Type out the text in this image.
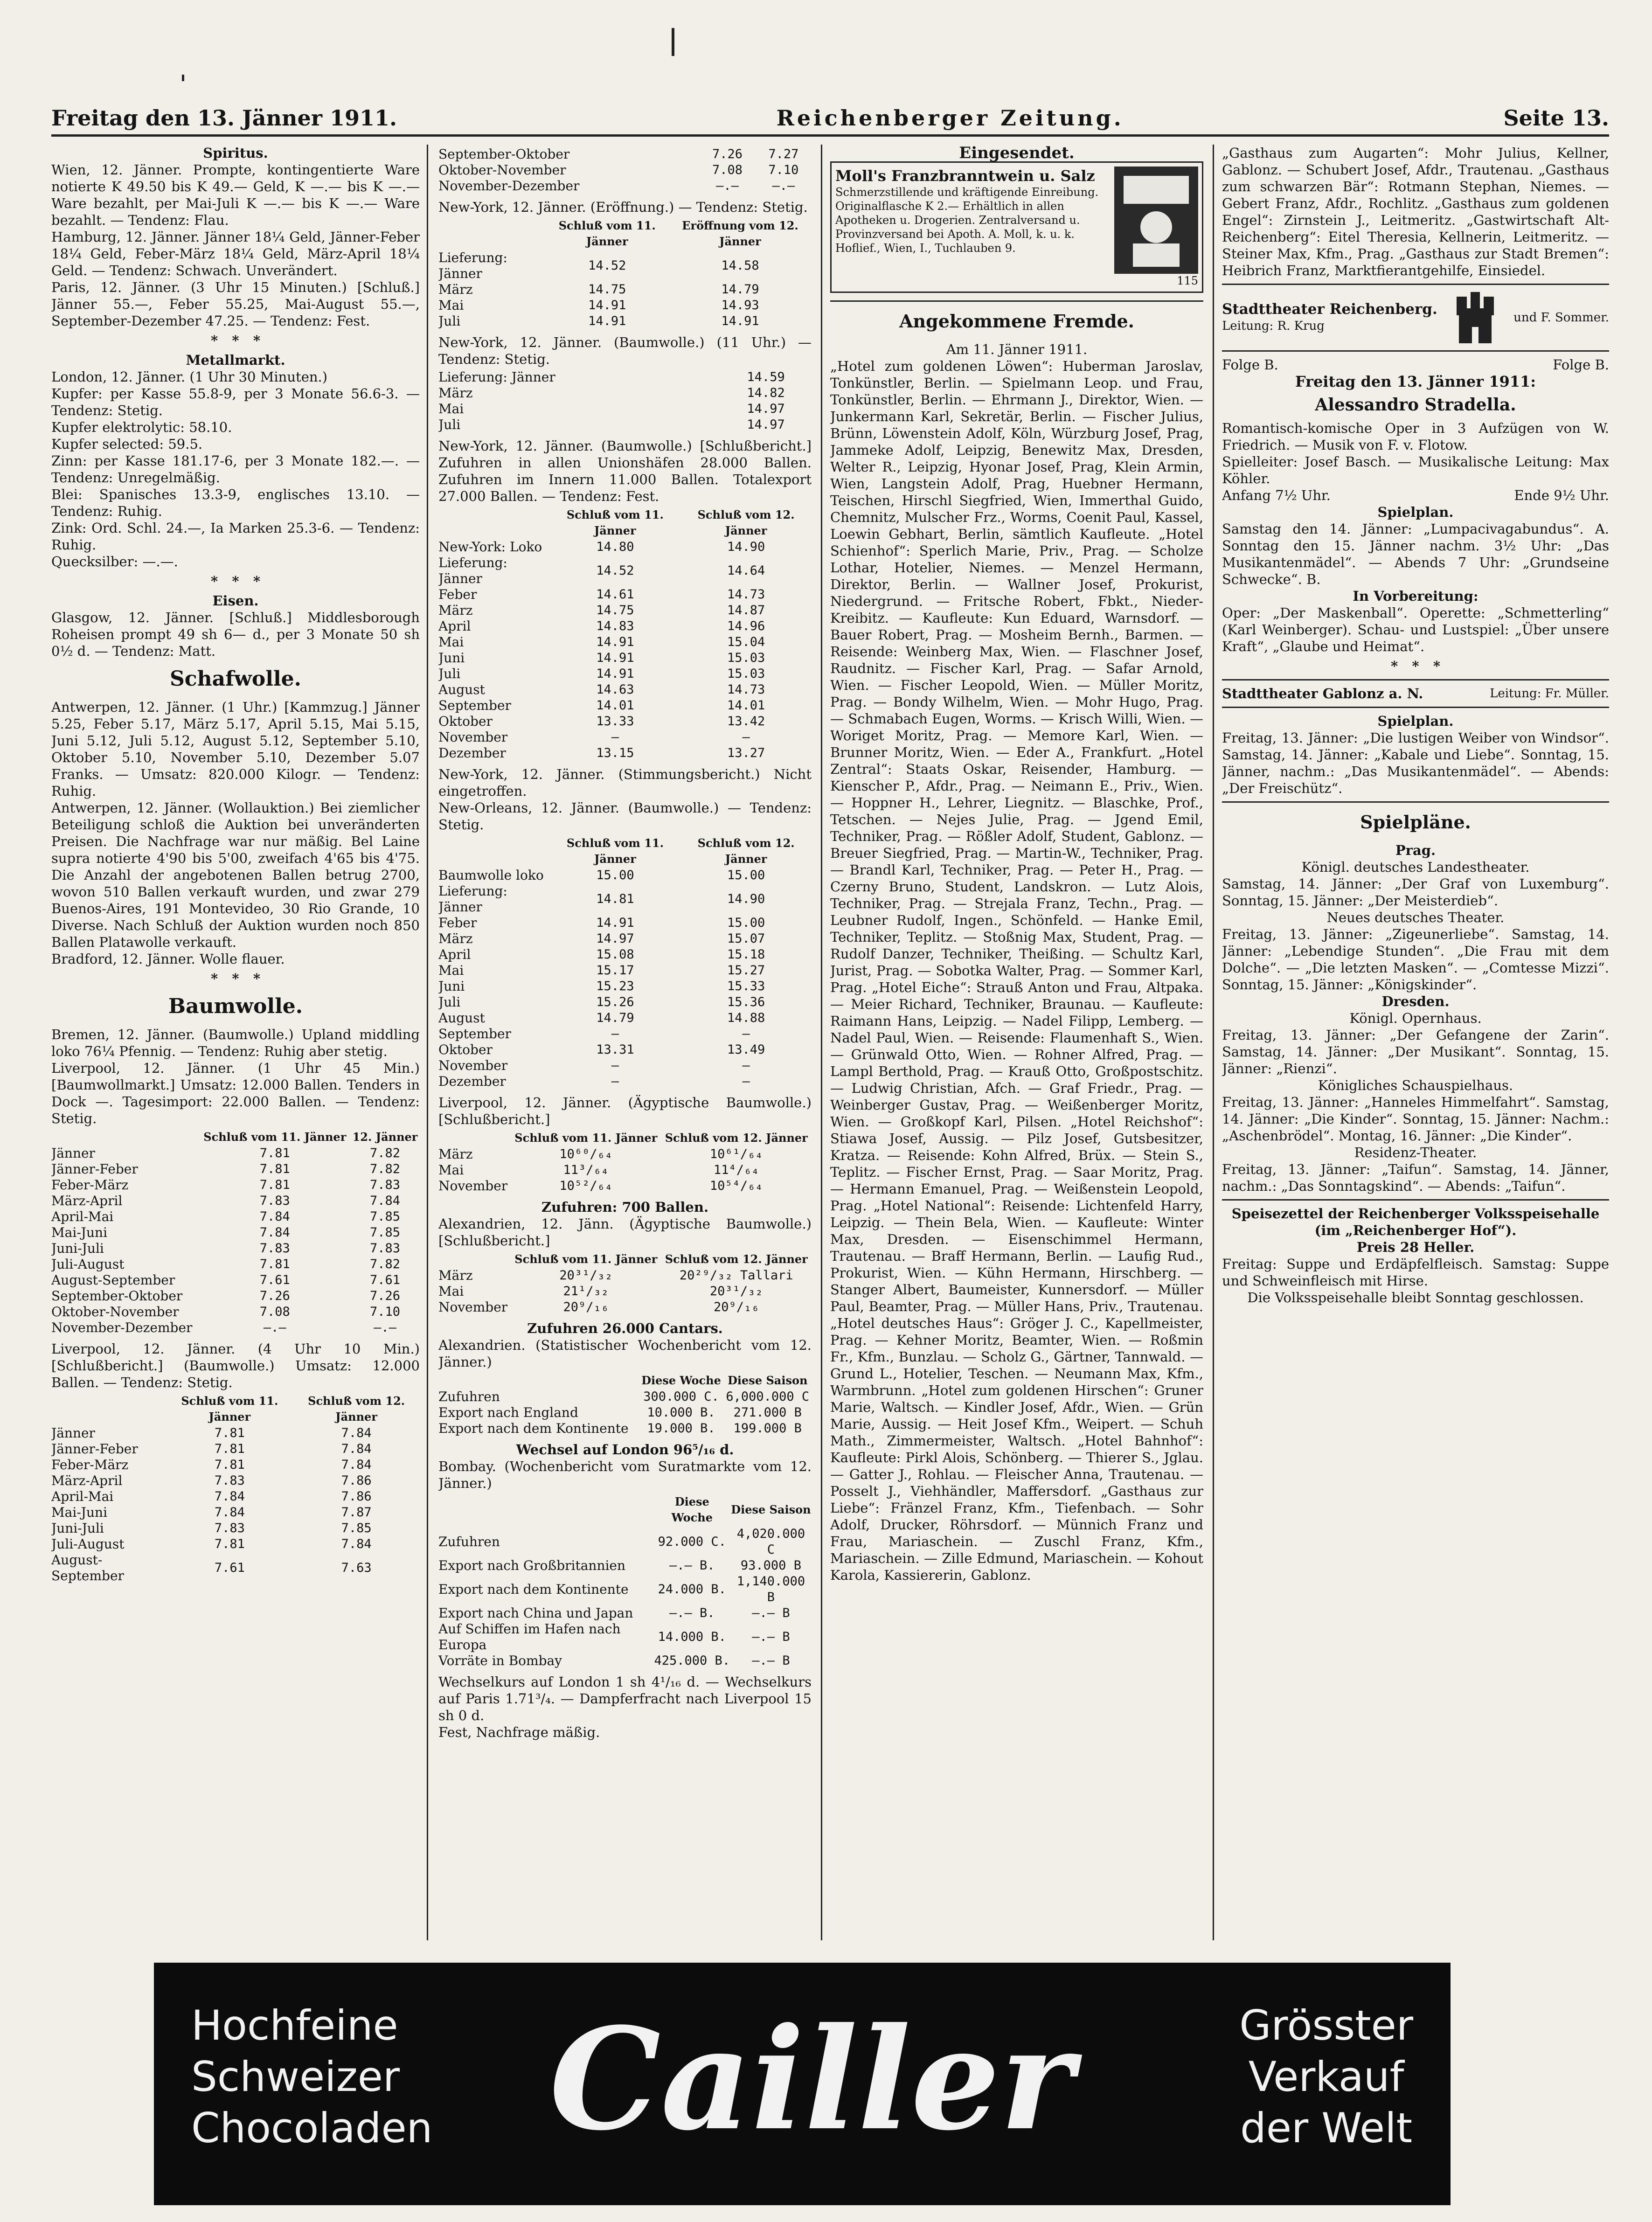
Freitag den 13. Jänner 1911.	Reichenberger Zeitung.	Seite 13.
Spiritus.

Wien, 12. Jänner. Prompte, kontingentierte Ware notierte K 49.50 bis K 49.— Geld, K —.— bis K —.— Ware bezahlt, per Mai-Juli K —.— bis K —.— Ware bezahlt. — Tendenz: Flau.

Hamburg, 12. Jänner. Jänner 18¼ Geld, Jänner-Feber 18¼ Geld, Feber-März 18¼ Geld, März-April 18¼ Geld. — Tendenz: Schwach. Unverändert.

Paris, 12. Jänner. (3 Uhr 15 Minuten.) [Schluß.] Jänner 55.—, Feber 55.25, Mai-August 55.—, September-Dezember 47.25. — Tendenz: Fest.

*   *   *
Metallmarkt.

London, 12. Jänner. (1 Uhr 30 Minuten.)

Kupfer: per Kasse 55.8-9, per 3 Monate 56.6-3. — Tendenz: Stetig.

Kupfer elektrolytic: 58.10.

Kupfer selected: 59.5.

Zinn: per Kasse 181.17-6, per 3 Monate 182.—. — Tendenz: Unregelmäßig.

Blei: Spanisches 13.3-9, englisches 13.10. — Tendenz: Ruhig.

Zink: Ord. Schl. 24.—, Ia Marken 25.3-6. — Tendenz: Ruhig.

Quecksilber: —.—.

*   *   *
Eisen.

Glasgow, 12. Jänner. [Schluß.] Middlesborough Roheisen prompt 49 sh 6— d., per 3 Monate 50 sh 0½ d. — Tendenz: Matt.

Schafwolle.

Antwerpen, 12. Jänner. (1 Uhr.) [Kammzug.] Jänner 5.25, Feber 5.17, März 5.17, April 5.15, Mai 5.15, Juni 5.12, Juli 5.12, August 5.12, September 5.10, Oktober 5.10, November 5.10, Dezember 5.07 Franks. — Umsatz: 820.000 Kilogr. — Tendenz: Ruhig.

Antwerpen, 12. Jänner. (Wollauktion.) Bei ziemlicher Beteiligung schloß die Auktion bei unveränderten Preisen. Die Nachfrage war nur mäßig. Bel Laine supra notierte 4'90 bis 5'00, zweifach 4'65 bis 4'75. Die Anzahl der angebotenen Ballen betrug 2700, wovon 510 Ballen verkauft wurden, und zwar 279 Buenos-Aires, 191 Montevideo, 30 Rio Grande, 10 Diverse. Nach Schluß der Auktion wurden noch 850 Ballen Platawolle verkauft.

Bradford, 12. Jänner. Wolle flauer.

*   *   *
Baumwolle.

Bremen, 12. Jänner. (Baumwolle.) Upland middling loko 76¼ Pfennig. — Tendenz: Ruhig aber stetig.

Liverpool, 12. Jänner. (1 Uhr 45 Min.) [Baumwollmarkt.] Umsatz: 12.000 Ballen. Tenders in Dock —. Tagesimport: 22.000 Ballen. — Tendenz: Stetig.

	Schluß vom 11. Jänner	12. Jänner
Jänner	7.81	7.82
Jänner-Feber	7.81	7.82
Feber-März	7.81	7.83
März-April	7.83	7.84
April-Mai	7.84	7.85
Mai-Juni	7.84	7.85
Juni-Juli	7.83	7.83
Juli-August	7.81	7.82
August-September	7.61	7.61
September-Oktober	7.26	7.26
Oktober-November	7.08	7.10
November-Dezember	—.—	—.—

Liverpool, 12. Jänner. (4 Uhr 10 Min.) [Schlußbericht.] (Baumwolle.) Umsatz: 12.000 Ballen. — Tendenz: Stetig.

	Schluß vom 11. Jänner	Schluß vom 12. Jänner
Jänner	7.81	7.84
Jänner-Feber	7.81	7.84
Feber-März	7.81	7.84
März-April	7.83	7.86
April-Mai	7.84	7.86
Mai-Juni	7.84	7.87
Juni-Juli	7.83	7.85
Juli-August	7.81	7.84
August-September	7.61	7.63
September-Oktober	7.26	7.27
Oktober-November	7.08	7.10
November-Dezember	—.—	—.—

New-York, 12. Jänner. (Eröffnung.) — Tendenz: Stetig.

	Schluß vom 11. Jänner	Eröffnung vom 12. Jänner
Lieferung: Jänner	14.52	14.58
März	14.75	14.79
Mai	14.91	14.93
Juli	14.91	14.91

New-York, 12. Jänner. (Baumwolle.) (11 Uhr.) — Tendenz: Stetig.

Lieferung: Jänner		14.59
März		14.82
Mai		14.97
Juli		14.97

New-York, 12. Jänner. (Baumwolle.) [Schlußbericht.] Zufuhren in allen Unionshäfen 28.000 Ballen. Zufuhren im Innern 11.000 Ballen. Totalexport 27.000 Ballen. — Tendenz: Fest.

	Schluß vom 11. Jänner	Schluß vom 12. Jänner
New-York: Loko	14.80	14.90
Lieferung: Jänner	14.52	14.64
Feber	14.61	14.73
März	14.75	14.87
April	14.83	14.96
Mai	14.91	15.04
Juni	14.91	15.03
Juli	14.91	15.03
August	14.63	14.73
September	14.01	14.01
Oktober	13.33	13.42
November	—	—
Dezember	13.15	13.27

New-York, 12. Jänner. (Stimmungsbericht.) Nicht eingetroffen.

New-Orleans, 12. Jänner. (Baumwolle.) — Tendenz: Stetig.

	Schluß vom 11. Jänner	Schluß vom 12. Jänner
Baumwolle loko	15.00	15.00
Lieferung: Jänner	14.81	14.90
Feber	14.91	15.00
März	14.97	15.07
April	15.08	15.18
Mai	15.17	15.27
Juni	15.23	15.33
Juli	15.26	15.36
August	14.79	14.88
September	—	—
Oktober	13.31	13.49
November	—	—
Dezember	—	—

Liverpool, 12. Jänner. (Ägyptische Baumwolle.) [Schlußbericht.]

	Schluß vom 11. Jänner	Schluß vom 12. Jänner
März	10⁶⁰/₆₄	10⁶¹/₆₄
Mai	11³/₆₄	11⁴/₆₄
November	10⁵²/₆₄	10⁵⁴/₆₄
Zufuhren: 700 Ballen.

Alexandrien, 12. Jänn. (Ägyptische Baumwolle.) [Schlußbericht.]

	Schluß vom 11. Jänner	Schluß vom 12. Jänner
März	20³¹/₃₂	20²⁹/₃₂ Tallari
Mai	21¹/₃₂	20³¹/₃₂
November	20⁹/₁₆	20⁹/₁₆
Zufuhren 26.000 Cantars.

Alexandrien. (Statistischer Wochenbericht vom 12. Jänner.)

	Diese Woche	Diese Saison
Zufuhren	300.000 C.	6,000.000 C
Export nach England	10.000 B.	271.000 B
Export nach dem Kontinente	19.000 B.	199.000 B
Wechsel auf London 96⁵/₁₆ d.

Bombay. (Wochenbericht vom Suratmarkte vom 12. Jänner.)

	Diese Woche	Diese Saison
Zufuhren	92.000 C.	4,020.000 C
Export nach Großbritannien	—.— B.	93.000 B
Export nach dem Kontinente	24.000 B.	1,140.000 B
Export nach China und Japan	—.— B.	—.— B
Auf Schiffen im Hafen nach Europa	14.000 B.	—.— B
Vorräte in Bombay	425.000 B.	—.— B

Wechselkurs auf London 1 sh 4¹/₁₆ d. — Wechselkurs auf Paris 1.71³/₄. — Dampferfracht nach Liverpool 15 sh 0 d.

Fest, Nachfrage mäßig.

Eingesendet.
Moll's Franzbranntwein u. Salz
Schmerzstillende und kräftigende Einreibung. Originalflasche K 2.— Erhältlich in allen Apotheken u. Drogerien. Zentralversand u. Provinzversand bei Apoth. A. Moll, k. u. k. Hoflief., Wien, I., Tuchlauben 9.
115
Angekommene Fremde.
Am 11. Jänner 1911.

„Hotel zum goldenen Löwen“: Huberman Jaroslav, Tonkünstler, Berlin. — Spielmann Leop. und Frau, Tonkünstler, Berlin. — Ehrmann J., Direktor, Wien. — Junkermann Karl, Sekretär, Berlin. — Fischer Julius, Brünn, Löwenstein Adolf, Köln, Würzburg Josef, Prag, Jammeke Adolf, Leipzig, Benewitz Max, Dresden, Welter R., Leipzig, Hyonar Josef, Prag, Klein Armin, Wien, Langstein Adolf, Prag, Huebner Hermann, Teischen, Hirschl Siegfried, Wien, Immerthal Guido, Chemnitz, Mulscher Frz., Worms, Coenit Paul, Kassel, Loewin Gebhart, Berlin, sämtlich Kaufleute. „Hotel Schienhof“: Sperlich Marie, Priv., Prag. — Scholze Lothar, Hotelier, Niemes. — Menzel Hermann, Direktor, Berlin. — Wallner Josef, Prokurist, Niedergrund. — Fritsche Robert, Fbkt., Nieder-Kreibitz. — Kaufleute: Kun Eduard, Warnsdorf. — Bauer Robert, Prag. — Mosheim Bernh., Barmen. — Reisende: Weinberg Max, Wien. — Flaschner Josef, Raudnitz. — Fischer Karl, Prag. — Safar Arnold, Wien. — Fischer Leopold, Wien. — Müller Moritz, Prag. — Bondy Wilhelm, Wien. — Mohr Hugo, Prag. — Schmabach Eugen, Worms. — Krisch Willi, Wien. — Woriget Moritz, Prag. — Memore Karl, Wien. — Brunner Moritz, Wien. — Eder A., Frankfurt. „Hotel Zentral“: Staats Oskar, Reisender, Hamburg. — Kienscher P., Afdr., Prag. — Neimann E., Priv., Wien. — Hoppner H., Lehrer, Liegnitz. — Blaschke, Prof., Tetschen. — Nejes Julie, Prag. — Jgend Emil, Techniker, Prag. — Rößler Adolf, Student, Gablonz. — Breuer Siegfried, Prag. — Martin-W., Techniker, Prag. — Brandl Karl, Techniker, Prag. — Peter H., Prag. — Czerny Bruno, Student, Landskron. — Lutz Alois, Techniker, Prag. — Strejala Franz, Techn., Prag. — Leubner Rudolf, Ingen., Schönfeld. — Hanke Emil, Techniker, Teplitz. — Stoßnig Max, Student, Prag. — Rudolf Danzer, Techniker, Theißing. — Schultz Karl, Jurist, Prag. — Sobotka Walter, Prag. — Sommer Karl, Prag. „Hotel Eiche“: Strauß Anton und Frau, Altpaka. — Meier Richard, Techniker, Braunau. — Kaufleute: Raimann Hans, Leipzig. — Nadel Filipp, Lemberg. — Nadel Paul, Wien. — Reisende: Flaumenhaft S., Wien. — Grünwald Otto, Wien. — Rohner Alfred, Prag. — Lampl Berthold, Prag. — Krauß Otto, Großpostschitz. — Ludwig Christian, Afch. — Graf Friedr., Prag. — Weinberger Gustav, Prag. — Weißenberger Moritz, Wien. — Großkopf Karl, Pilsen. „Hotel Reichshof“: Stiawa Josef, Aussig. — Pilz Josef, Gutsbesitzer, Kratza. — Reisende: Kohn Alfred, Brüx. — Stein S., Teplitz. — Fischer Ernst, Prag. — Saar Moritz, Prag. — Hermann Emanuel, Prag. — Weißenstein Leopold, Prag. „Hotel National“: Reisende: Lichtenfeld Harry, Leipzig. — Thein Bela, Wien. — Kaufleute: Winter Max, Dresden. — Eisenschimmel Hermann, Trautenau. — Braff Hermann, Berlin. — Laufig Rud., Prokurist, Wien. — Kühn Hermann, Hirschberg. — Stanger Albert, Baumeister, Kunnersdorf. — Müller Paul, Beamter, Prag. — Müller Hans, Priv., Trautenau. „Hotel deutsches Haus“: Gröger J. C., Kapellmeister, Prag. — Kehner Moritz, Beamter, Wien. — Roßmin Fr., Kfm., Bunzlau. — Scholz G., Gärtner, Tannwald. — Grund L., Hotelier, Teschen. — Neumann Max, Kfm., Warmbrunn. „Hotel zum goldenen Hirschen“: Gruner Marie, Waltsch. — Kindler Josef, Afdr., Wien. — Grün Marie, Aussig. — Heit Josef Kfm., Weipert. — Schuh Math., Zimmermeister, Waltsch. „Hotel Bahnhof“: Kaufleute: Pirkl Alois, Schönberg. — Thierer S., Jglau. — Gatter J., Rohlau. — Fleischer Anna, Trautenau. — Posselt J., Viehhändler, Maffersdorf. „Gasthaus zur Liebe“: Fränzel Franz, Kfm., Tiefenbach. — Sohr Adolf, Drucker, Röhrsdorf. — Münnich Franz und Frau, Mariaschein. — Zuschl Franz, Kfm., Mariaschein. — Zille Edmund, Mariaschein. — Kohout Karola, Kassiererin, Gablonz.

„Gasthaus zum Augarten“: Mohr Julius, Kellner, Gablonz. — Schubert Josef, Afdr., Trautenau. „Gasthaus zum schwarzen Bär“: Rotmann Stephan, Niemes. — Gebert Franz, Afdr., Rochlitz. „Gasthaus zum goldenen Engel“: Zirnstein J., Leitmeritz. „Gastwirtschaft Alt-Reichenberg“: Eitel Theresia, Kellnerin, Leitmeritz. — Steiner Max, Kfm., Prag. „Gasthaus zur Stadt Bremen“: Heibrich Franz, Marktfierantgehilfe, Einsiedel.

Stadttheater Reichenberg.
Leitung: R. Krug
und F. Sommer.
Folge B.	Folge B.
Freitag den 13. Jänner 1911:
Alessandro Stradella.

Romantisch-komische Oper in 3 Aufzügen von W. Friedrich. — Musik von F. v. Flotow.

Spielleiter: Josef Basch. — Musikalische Leitung: Max Köhler.

Anfang 7½ Uhr.	Ende 9½ Uhr.
Spielplan.

Samstag den 14. Jänner: „Lumpacivagabundus“. A. Sonntag den 15. Jänner nachm. 3½ Uhr: „Das Musikantenmädel“. — Abends 7 Uhr: „Grundseine Schwecke“. B.

In Vorbereitung:

Oper: „Der Maskenball“. Operette: „Schmetterling“ (Karl Weinberger). Schau- und Lustspiel: „Über unsere Kraft“, „Glaube und Heimat“.

*   *   *
Stadttheater Gablonz a. N.	Leitung: Fr. Müller.
Spielplan.

Freitag, 13. Jänner: „Die lustigen Weiber von Windsor“. Samstag, 14. Jänner: „Kabale und Liebe“. Sonntag, 15. Jänner, nachm.: „Das Musikantenmädel“. — Abends: „Der Freischütz“.

Spielpläne.
Prag.
Königl. deutsches Landestheater.

Samstag, 14. Jänner: „Der Graf von Luxemburg“. Sonntag, 15. Jänner: „Der Meisterdieb“.

Neues deutsches Theater.

Freitag, 13. Jänner: „Zigeunerliebe“. Samstag, 14. Jänner: „Lebendige Stunden“. „Die Frau mit dem Dolche“. — „Die letzten Masken“. — „Comtesse Mizzi“. Sonntag, 15. Jänner: „Königskinder“.

Dresden.
Königl. Opernhaus.

Freitag, 13. Jänner: „Der Gefangene der Zarin“. Samstag, 14. Jänner: „Der Musikant“. Sonntag, 15. Jänner: „Rienzi“.

Königliches Schauspielhaus.

Freitag, 13. Jänner: „Hanneles Himmelfahrt“. Samstag, 14. Jänner: „Die Kinder“. Sonntag, 15. Jänner: Nachm.: „Aschenbrödel“. Montag, 16. Jänner: „Die Kinder“.

Residenz-Theater.

Freitag, 13. Jänner: „Taifun“. Samstag, 14. Jänner, nachm.: „Das Sonntagskind“. — Abends: „Taifun“.

Speisezettel der Reichenberger Volksspeisehalle (im „Reichenberger Hof“).
Preis 28 Heller.

Freitag: Suppe und Erdäpfelfleisch. Samstag: Suppe und Schweinfleisch mit Hirse.

Die Volksspeisehalle bleibt Sonntag geschlossen.

Hochfeine
Schweizer
Chocoladen Cailler	Grösster
Verkauf
der Welt
